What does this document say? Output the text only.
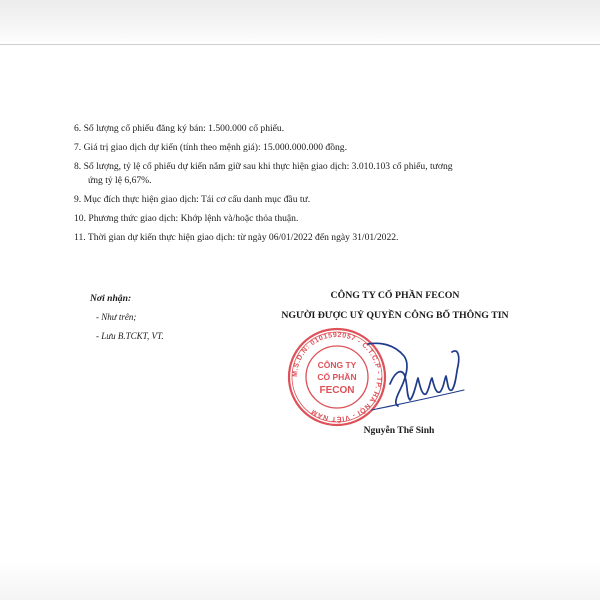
6. Số lượng cổ phiếu đăng ký bán: 1.500.000 cổ phiếu.
7. Giá trị giao dịch dự kiến (tính theo mệnh giá): 15.000.000.000 đồng.
8. Số lượng, tỷ lệ cổ phiếu dự kiến nắm giữ sau khi thực hiện giao dịch: 3.010.103 cổ phiếu, tương
ứng tỷ lệ 6,67%.
9. Mục đích thực hiện giao dịch: Tái cơ cấu danh mục đầu tư.
10. Phương thức giao dịch: Khớp lệnh và/hoặc thỏa thuận.
11. Thời gian dự kiến thực hiện giao dịch: từ ngày 06/01/2022 đến ngày 31/01/2022.
Nơi nhận:
- Như trên;
- Lưu B.TCKT, VT.
CÔNG TY CỔ PHẦN FECON
NGƯỜI ĐƯỢC UỶ QUYỀN CÔNG BỐ THÔNG TIN
M.S.D.N: 0101592057 - C.T.C.P - TP. HÀ NỘI - VIỆT NAM
CÔNG TY
CỔ PHẦN
FECON
Nguyễn Thế Sinh
